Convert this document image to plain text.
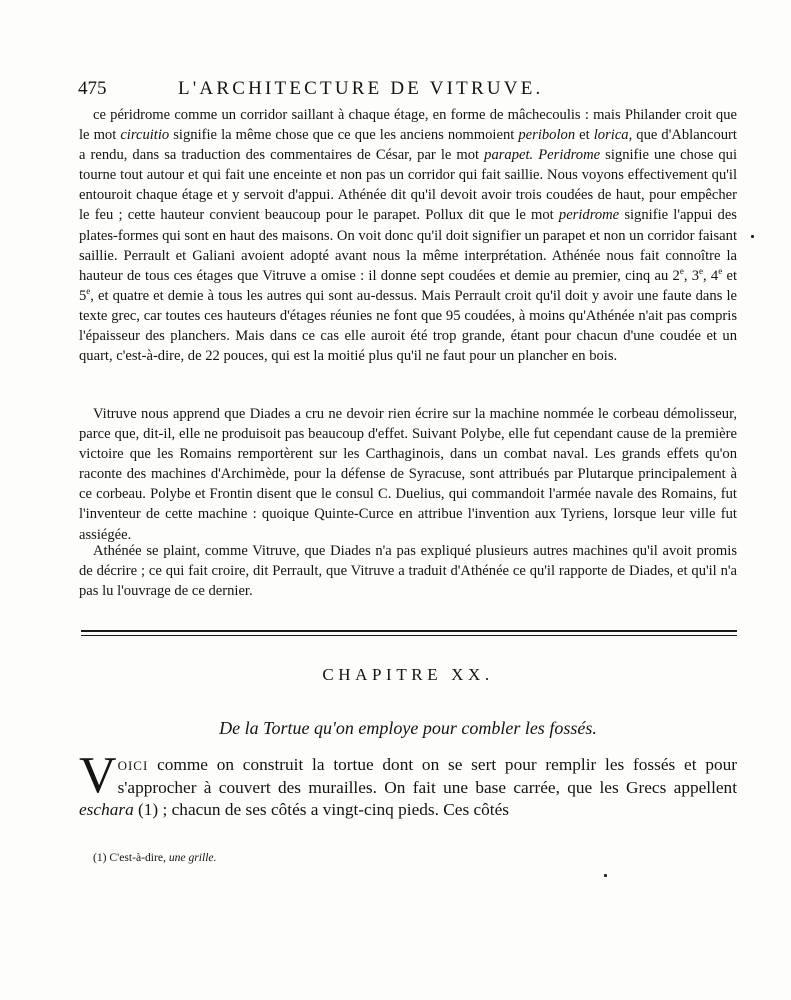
475	L'ARCHITECTURE DE VITRUVE.

ce péridrome comme un corridor saillant à chaque étage, en forme de mâchecoulis : mais Philander croit que le mot circuitio signifie la même chose que ce que les anciens nommoient peribolon et lorica, que d'Ablancourt a rendu, dans sa traduction des commentaires de César, par le mot parapet. Peridrome signifie une chose qui tourne tout autour et qui fait une enceinte et non pas un corridor qui fait saillie. Nous voyons effectivement qu'il entouroit chaque étage et y servoit d'appui. Athénée dit qu'il devoit avoir trois coudées de haut, pour empêcher le feu ; cette hauteur convient beaucoup pour le parapet. Pollux dit que le mot peridrome signifie l'appui des plates-formes qui sont en haut des maisons. On voit donc qu'il doit signifier un parapet et non un corridor faisant saillie. Perrault et Galiani avoient adopté avant nous la même interprétation. Athénée nous fait connoître la hauteur de tous ces étages que Vitruve a omise : il donne sept coudées et demie au premier, cinq au 2e, 3e, 4e et 5e, et quatre et demie à tous les autres qui sont au-dessus. Mais Perrault croit qu'il doit y avoir une faute dans le texte grec, car toutes ces hauteurs d'étages réunies ne font que 95 coudées, à moins qu'Athénée n'ait pas compris l'épaisseur des planchers. Mais dans ce cas elle auroit été trop grande, étant pour chacun d'une coudée et un quart, c'est-à-dire, de 22 pouces, qui est la moitié plus qu'il ne faut pour un plancher en bois.

Vitruve nous apprend que Diades a cru ne devoir rien écrire sur la machine nommée le corbeau démolisseur, parce que, dit-il, elle ne produisoit pas beaucoup d'effet. Suivant Polybe, elle fut cependant cause de la première victoire que les Romains remportèrent sur les Carthaginois, dans un combat naval. Les grands effets qu'on raconte des machines d'Archimède, pour la défense de Syracuse, sont attribués par Plutarque principalement à ce corbeau. Polybe et Frontin disent que le consul C. Duelius, qui commandoit l'armée navale des Romains, fut l'inventeur de cette machine : quoique Quinte-Curce en attribue l'invention aux Tyriens, lorsque leur ville fut assiégée.

Athénée se plaint, comme Vitruve, que Diades n'a pas expliqué plusieurs autres machines qu'il avoit promis de décrire ; ce qui fait croire, dit Perrault, que Vitruve a traduit d'Athénée ce qu'il rapporte de Diades, et qu'il n'a pas lu l'ouvrage de ce dernier.

CHAPITRE XX.
De la Tortue qu'on employe pour combler les fossés.

VOICI comme on construit la tortue dont on se sert pour remplir les fossés et pour s'approcher à couvert des murailles. On fait une base carrée, que les Grecs appellent eschara (1) ; chacun de ses côtés a vingt-cinq pieds. Ces côtés

(1) C'est-à-dire, une grille.
